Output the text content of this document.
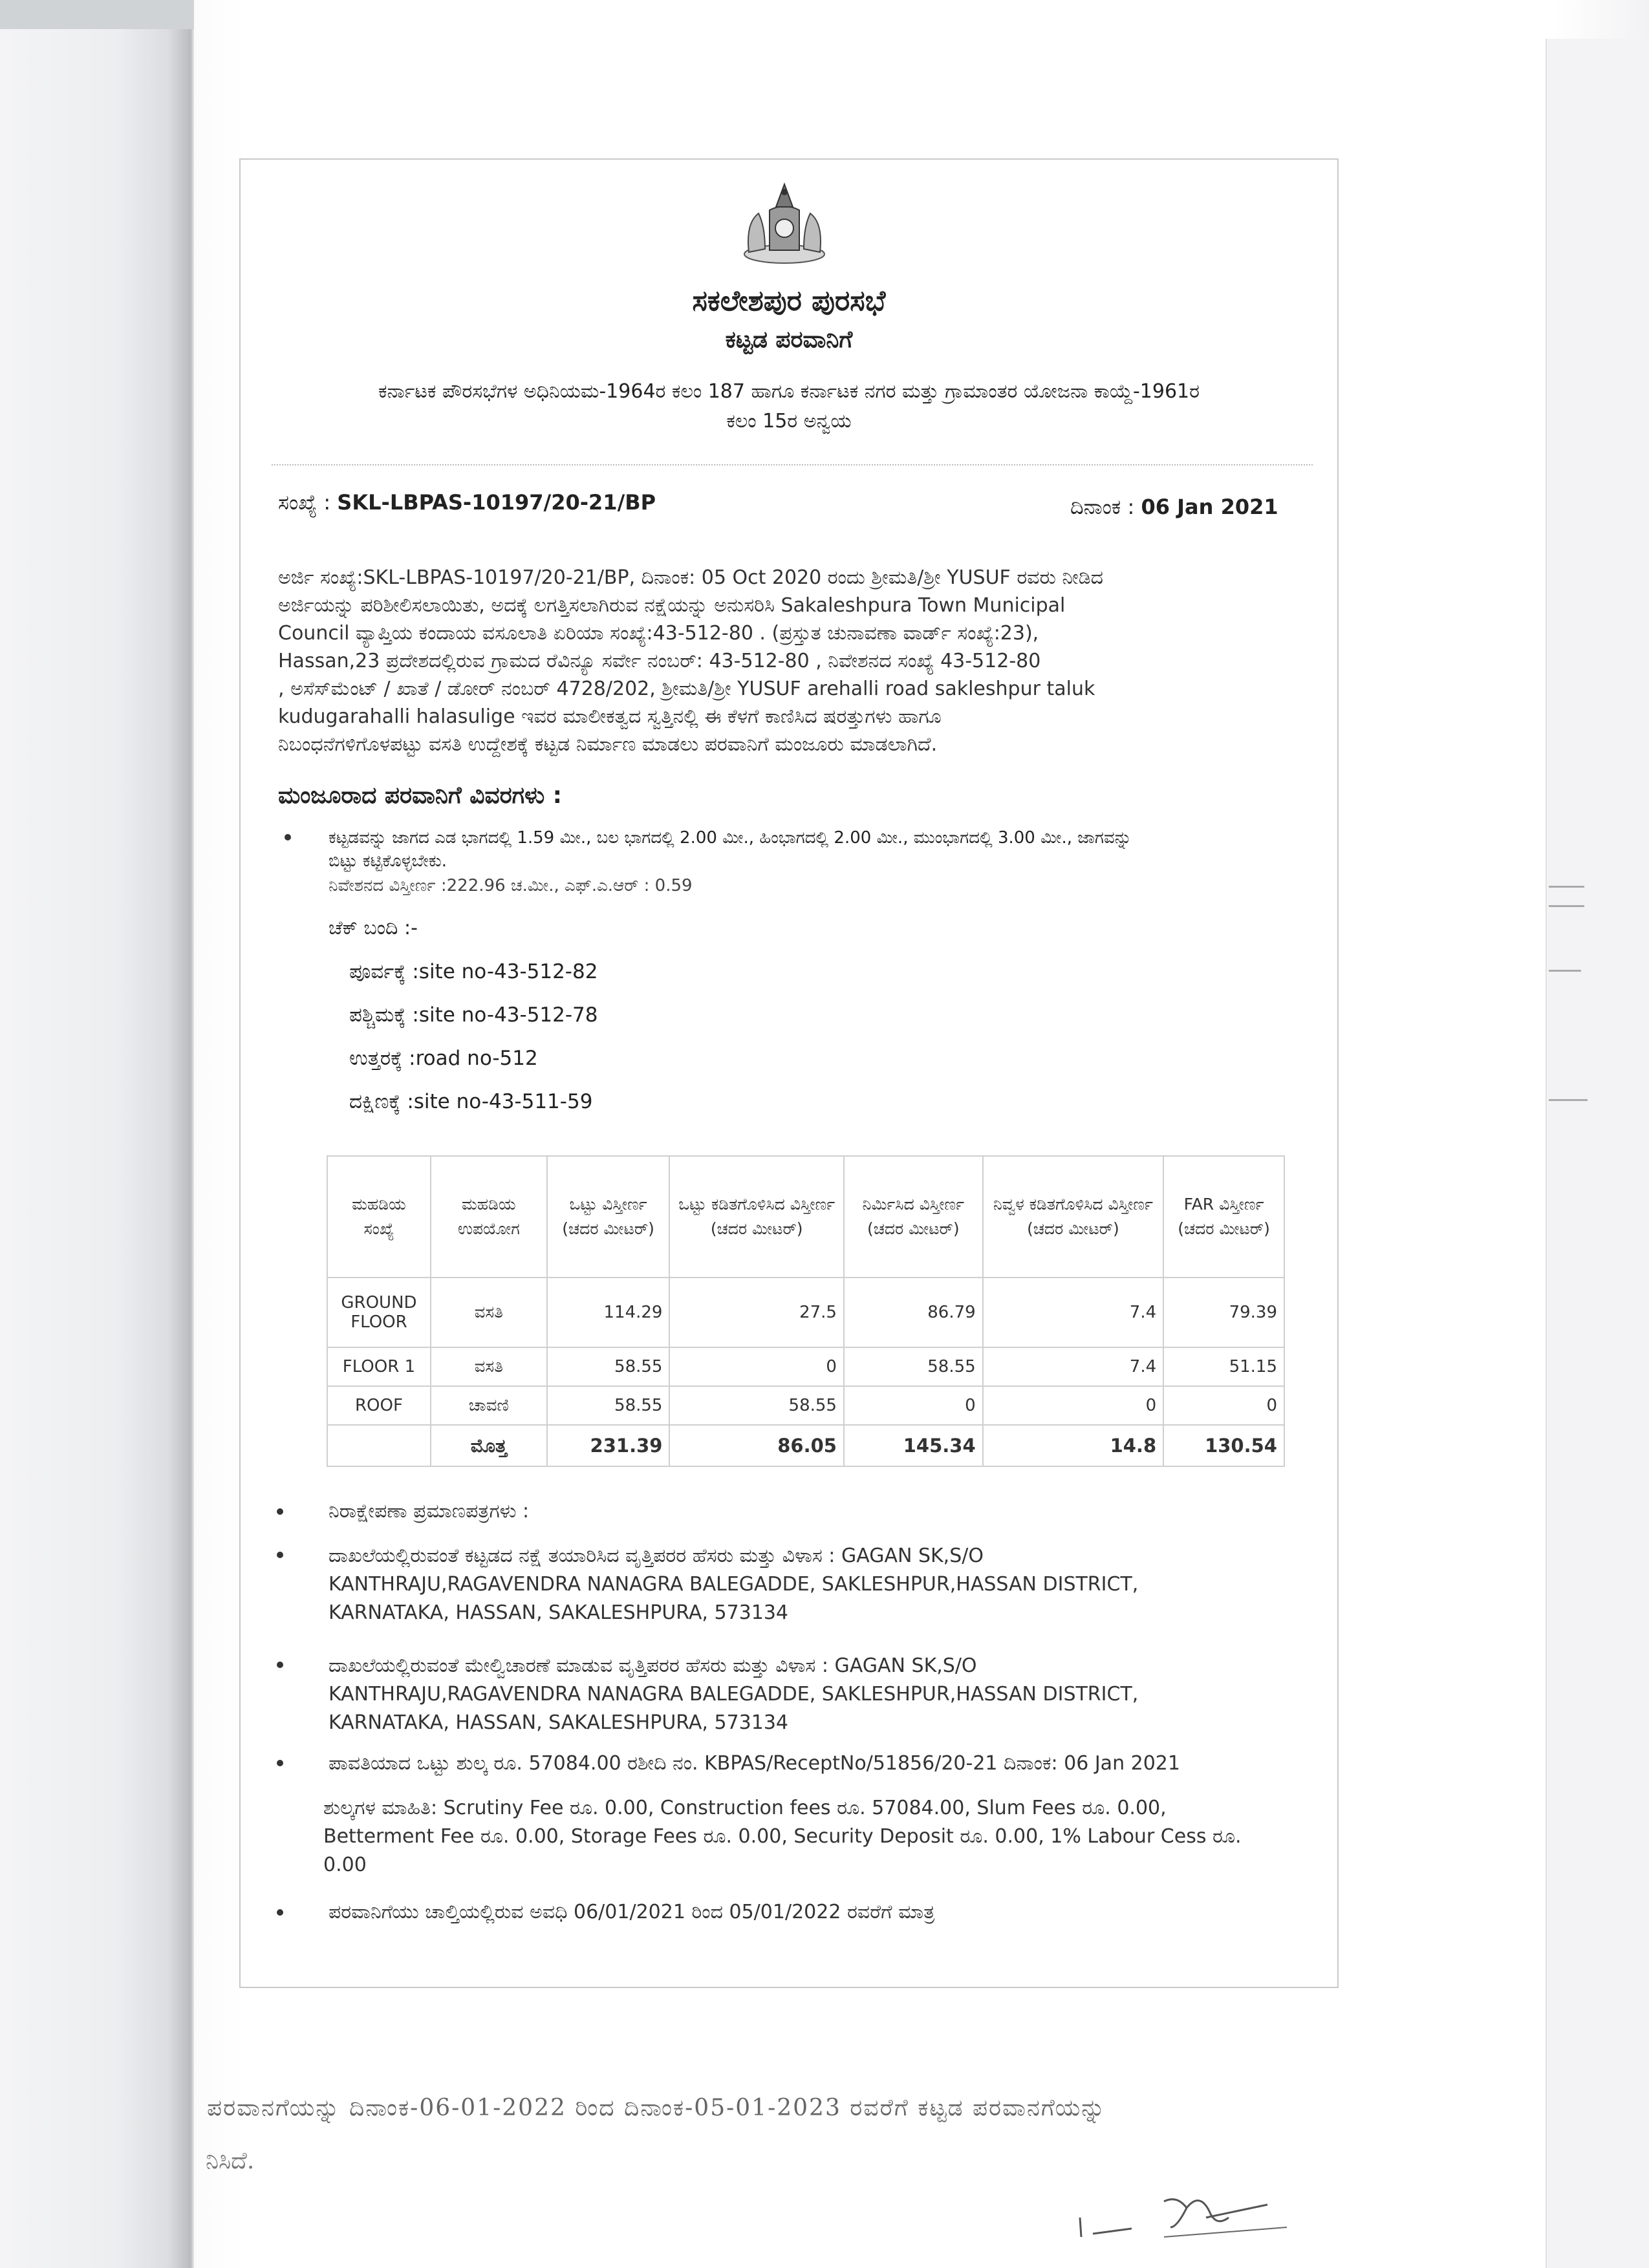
ಸಕಲೇಶಪುರ ಪುರಸಭೆ
ಕಟ್ಟಡ ಪರವಾನಿಗೆ
ಕರ್ನಾಟಕ ಪೌರಸಭೆಗಳ ಅಧಿನಿಯಮ-1964ರ ಕಲಂ 187 ಹಾಗೂ ಕರ್ನಾಟಕ ನಗರ ಮತ್ತು ಗ್ರಾಮಾಂತರ ಯೋಜನಾ ಕಾಯ್ದೆ-1961ರ
ಕಲಂ 15ರ ಅನ್ವಯ
ಸಂಖ್ಯೆ : SKL-LBPAS-10197/20-21/BP	ದಿನಾಂಕ : 06 Jan 2021
ಅರ್ಜಿ ಸಂಖ್ಯೆ:SKL-LBPAS-10197/20-21/BP, ದಿನಾಂಕ: 05 Oct 2020 ರಂದು ಶ್ರೀಮತಿ/ಶ್ರೀ YUSUF ರವರು ನೀಡಿದ
ಅರ್ಜಿಯನ್ನು ಪರಿಶೀಲಿಸಲಾಯಿತು, ಅದಕ್ಕೆ ಲಗತ್ತಿಸಲಾಗಿರುವ ನಕ್ಷೆಯನ್ನು ಅನುಸರಿಸಿ Sakaleshpura Town Municipal
Council ವ್ಯಾಪ್ತಿಯ ಕಂದಾಯ ವಸೂಲಾತಿ ಏರಿಯಾ ಸಂಖ್ಯೆ:43-512-80 . (ಪ್ರಸ್ತುತ ಚುನಾವಣಾ ವಾರ್ಡ್ ಸಂಖ್ಯೆ:23),
Hassan,23 ಪ್ರದೇಶದಲ್ಲಿರುವ ಗ್ರಾಮದ ರೆವಿನ್ಯೂ ಸರ್ವೇ ನಂಬರ್: 43-512-80 , ನಿವೇಶನದ ಸಂಖ್ಯೆ 43-512-80
, ಅಸೆಸ್‌ಮೆಂಟ್ / ಖಾತೆ / ಡೋರ್ ನಂಬರ್ 4728/202, ಶ್ರೀಮತಿ/ಶ್ರೀ YUSUF arehalli road sakleshpur taluk
kudugarahalli halasulige ಇವರ ಮಾಲೀಕತ್ವದ ಸ್ವತ್ತಿನಲ್ಲಿ ಈ ಕೆಳಗೆ ಕಾಣಿಸಿದ ಷರತ್ತುಗಳು ಹಾಗೂ
ನಿಬಂಧನೆಗಳಿಗೊಳಪಟ್ಟು ವಸತಿ ಉದ್ದೇಶಕ್ಕೆ ಕಟ್ಟಡ ನಿರ್ಮಾಣ ಮಾಡಲು ಪರವಾನಿಗೆ ಮಂಜೂರು ಮಾಡಲಾಗಿದೆ.
ಮಂಜೂರಾದ ಪರವಾನಿಗೆ ವಿವರಗಳು :
ಕಟ್ಟಡವನ್ನು ಜಾಗದ ಎಡ ಭಾಗದಲ್ಲಿ 1.59 ಮೀ., ಬಲ ಭಾಗದಲ್ಲಿ 2.00 ಮೀ., ಹಿಂಭಾಗದಲ್ಲಿ 2.00 ಮೀ., ಮುಂಭಾಗದಲ್ಲಿ 3.00 ಮೀ., ಜಾಗವನ್ನು
ಬಿಟ್ಟು ಕಟ್ಟಿಕೊಳ್ಳಬೇಕು.
ನಿವೇಶನದ ವಿಸ್ತೀರ್ಣ :222.96 ಚ.ಮೀ., ಎಫ್.ಎ.ಆರ್ : 0.59
ಚೆಕ್ ಬಂದಿ :-
ಪೂರ್ವಕ್ಕೆ :site no-43-512-82
ಪಶ್ಚಿಮಕ್ಕೆ :site no-43-512-78
ಉತ್ತರಕ್ಕೆ :road no-512
ದಕ್ಷಿಣಕ್ಕೆ :site no-43-511-59
ಮಹಡಿಯ ಸಂಖ್ಯೆ	ಮಹಡಿಯ ಉಪಯೋಗ	ಒಟ್ಟು ವಿಸ್ತೀರ್ಣ (ಚದರ ಮೀಟರ್)	ಒಟ್ಟು ಕಡಿತಗೊಳಿಸಿದ ವಿಸ್ತೀರ್ಣ (ಚದರ ಮೀಟರ್)	ನಿರ್ಮಿಸಿದ ವಿಸ್ತೀರ್ಣ (ಚದರ ಮೀಟರ್)	ನಿವ್ವಳ ಕಡಿತಗೊಳಿಸಿದ ವಿಸ್ತೀರ್ಣ (ಚದರ ಮೀಟರ್)	FAR ವಿಸ್ತೀರ್ಣ (ಚದರ ಮೀಟರ್)
GROUND FLOOR	ವಸತಿ	114.29	27.5	86.79	7.4	79.39
FLOOR 1	ವಸತಿ	58.55	0	58.55	7.4	51.15
ROOF	ಚಾವಣಿ	58.55	58.55	0	0	0
	ಮೊತ್ತ	231.39	86.05	145.34	14.8	130.54
ನಿರಾಕ್ಷೇಪಣಾ ಪ್ರಮಾಣಪತ್ರಗಳು :
ದಾಖಲೆಯಲ್ಲಿರುವಂತೆ ಕಟ್ಟಡದ ನಕ್ಷೆ ತಯಾರಿಸಿದ ವೃತ್ತಿಪರರ ಹೆಸರು ಮತ್ತು ವಿಳಾಸ : GAGAN SK,S/O
KANTHRAJU,RAGAVENDRA NANAGRA BALEGADDE, SAKLESHPUR,HASSAN DISTRICT,
KARNATAKA, HASSAN, SAKALESHPURA, 573134
ದಾಖಲೆಯಲ್ಲಿರುವಂತೆ ಮೇಲ್ವಿಚಾರಣೆ ಮಾಡುವ ವೃತ್ತಿಪರರ ಹೆಸರು ಮತ್ತು ವಿಳಾಸ : GAGAN SK,S/O
KANTHRAJU,RAGAVENDRA NANAGRA BALEGADDE, SAKLESHPUR,HASSAN DISTRICT,
KARNATAKA, HASSAN, SAKALESHPURA, 573134
ಪಾವತಿಯಾದ ಒಟ್ಟು ಶುಲ್ಕ ರೂ. 57084.00 ರಶೀದಿ ನಂ. KBPAS/ReceptNo/51856/20-21 ದಿನಾಂಕ: 06 Jan 2021
ಶುಲ್ಕಗಳ ಮಾಹಿತಿ: Scrutiny Fee ರೂ. 0.00, Construction fees ರೂ. 57084.00, Slum Fees ರೂ. 0.00,
Betterment Fee ರೂ. 0.00, Storage Fees ರೂ. 0.00, Security Deposit ರೂ. 0.00, 1% Labour Cess ರೂ.
0.00
ಪರವಾನಿಗೆಯು ಚಾಲ್ತಿಯಲ್ಲಿರುವ ಅವಧಿ 06/01/2021 ರಿಂದ 05/01/2022 ರವರೆಗೆ ಮಾತ್ರ
ಪರವಾನಗೆಯನ್ನು ದಿನಾಂಕ-06-01-2022 ರಿಂದ ದಿನಾಂಕ-05-01-2023 ರವರೆಗೆ ಕಟ್ಟಡ ಪರವಾನಗೆಯನ್ನು
ನಿಸಿದೆ.
